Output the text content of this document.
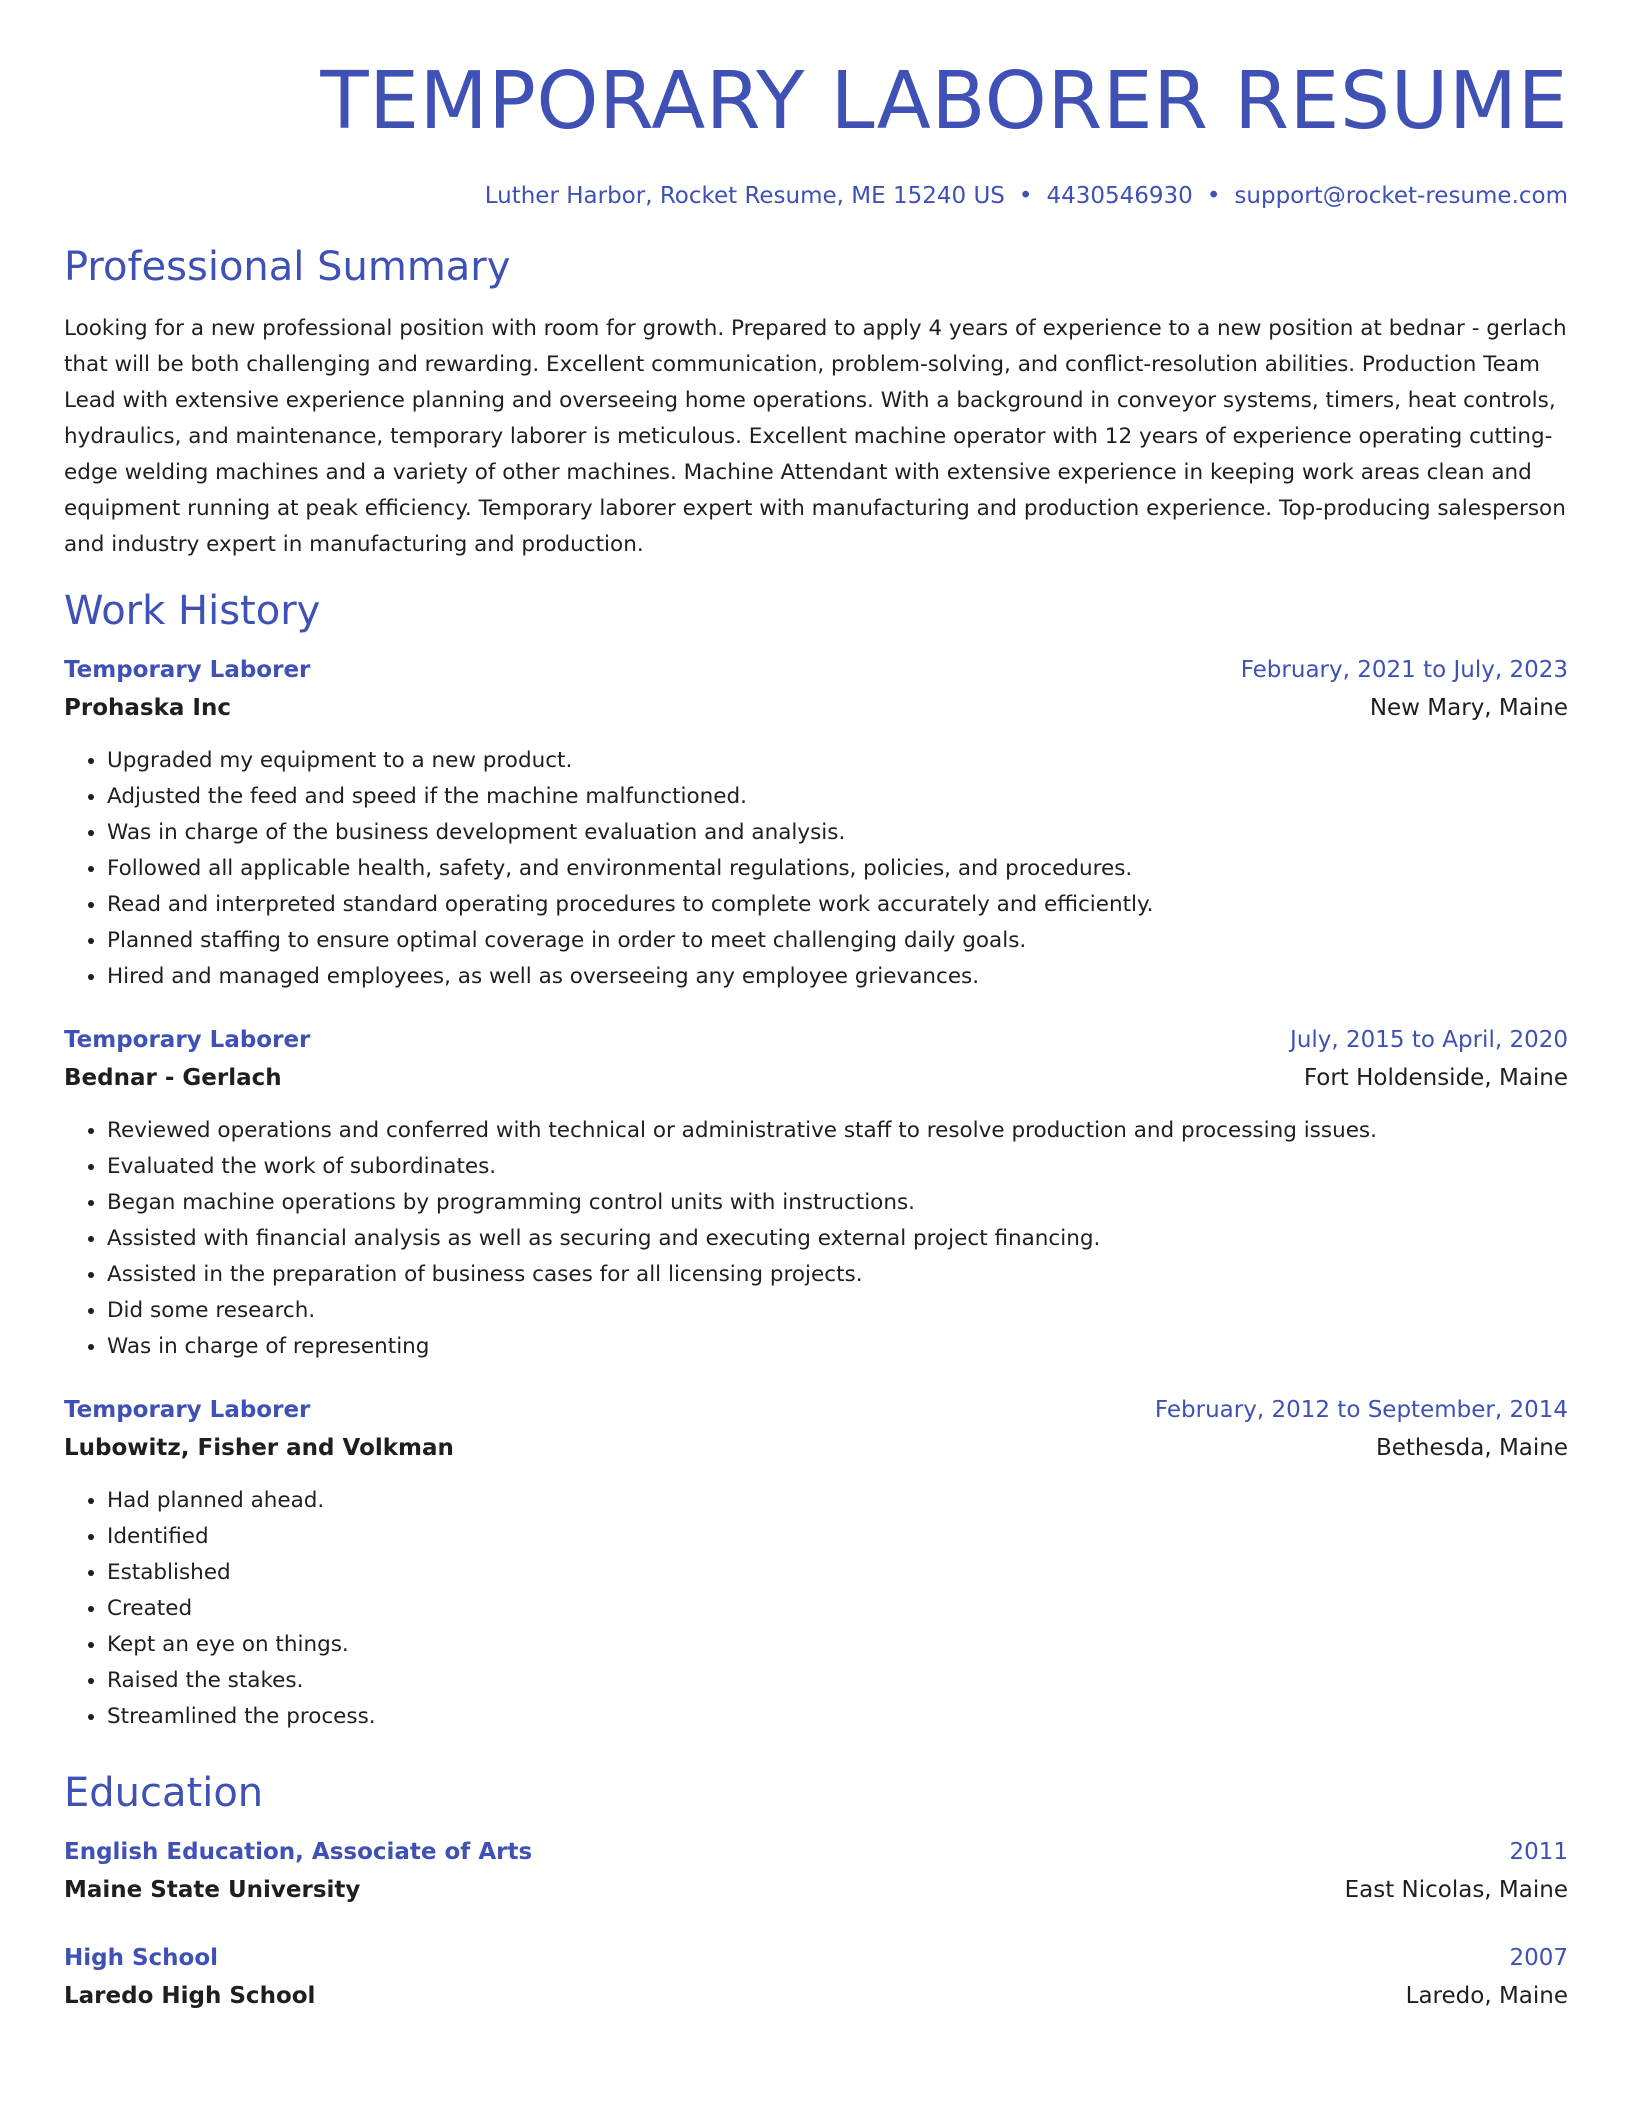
TEMPORARY LABORER RESUME
Luther Harbor, Rocket Resume, ME 15240 US • 4430546930 • support@rocket-resume.com
Professional Summary

Looking for a new professional position with room for growth. Prepared to apply 4 years of experience to a new position at bednar - gerlach that will be both challenging and rewarding. Excellent communication, problem-solving, and conflict-resolution abilities. Production Team Lead with extensive experience planning and overseeing home operations. With a background in conveyor systems, timers, heat controls, hydraulics, and maintenance, temporary laborer is meticulous. Excellent machine operator with 12 years of experience operating cutting-edge welding machines and a variety of other machines. Machine Attendant with extensive experience in keeping work areas clean and equipment running at peak efficiency. Temporary laborer expert with manufacturing and production experience. Top-producing salesperson and industry expert in manufacturing and production.

Work History
Temporary Laborer	February, 2021 to July, 2023
Prohaska Inc	New Mary, Maine
• Upgraded my equipment to a new product.
• Adjusted the feed and speed if the machine malfunctioned.
• Was in charge of the business development evaluation and analysis.
• Followed all applicable health, safety, and environmental regulations, policies, and procedures.
• Read and interpreted standard operating procedures to complete work accurately and efficiently.
• Planned staffing to ensure optimal coverage in order to meet challenging daily goals.
• Hired and managed employees, as well as overseeing any employee grievances.
Temporary Laborer	July, 2015 to April, 2020
Bednar - Gerlach	Fort Holdenside, Maine
• Reviewed operations and conferred with technical or administrative staff to resolve production and processing issues.
• Evaluated the work of subordinates.
• Began machine operations by programming control units with instructions.
• Assisted with financial analysis as well as securing and executing external project financing.
• Assisted in the preparation of business cases for all licensing projects.
• Did some research.
• Was in charge of representing
Temporary Laborer	February, 2012 to September, 2014
Lubowitz, Fisher and Volkman	Bethesda, Maine
• Had planned ahead.
• Identified
• Established
• Created
• Kept an eye on things.
• Raised the stakes.
• Streamlined the process.
Education
English Education, Associate of Arts	2011
Maine State University	East Nicolas, Maine
High School	2007
Laredo High School	Laredo, Maine
